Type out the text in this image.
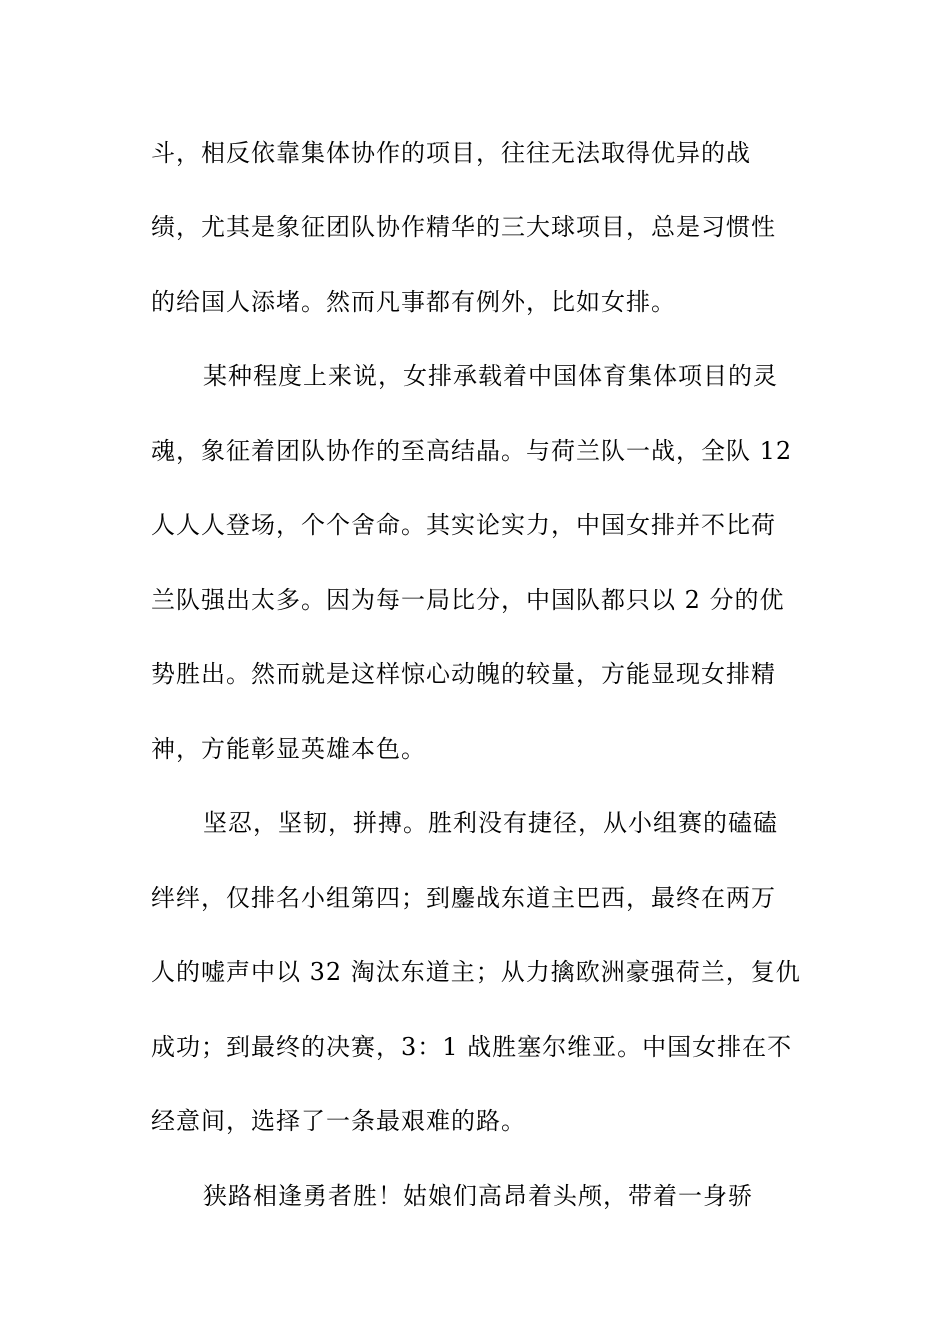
斗，相反依靠集体协作的项目，往往无法取得优异的战
绩，尤其是象征团队协作精华的三大球项目，总是习惯性
的给国人添堵。然而凡事都有例外，比如女排。
某种程度上来说，女排承载着中国体育集体项目的灵
魂，象征着团队协作的至高结晶。与荷兰队一战，全队 12
人人人登场，个个舍命。其实论实力，中国女排并不比荷
兰队强出太多。因为每一局比分，中国队都只以 2 分的优
势胜出。然而就是这样惊心动魄的较量，方能显现女排精
神，方能彰显英雄本色。
坚忍，坚韧，拼搏。胜利没有捷径，从小组赛的磕磕
绊绊，仅排名小组第四；到鏖战东道主巴西，最终在两万
人的嘘声中以 32 淘汰东道主；从力擒欧洲豪强荷兰，复仇
成功；到最终的决赛，3：1 战胜塞尔维亚。中国女排在不
经意间，选择了一条最艰难的路。
狭路相逢勇者胜！姑娘们高昂着头颅，带着一身骄
